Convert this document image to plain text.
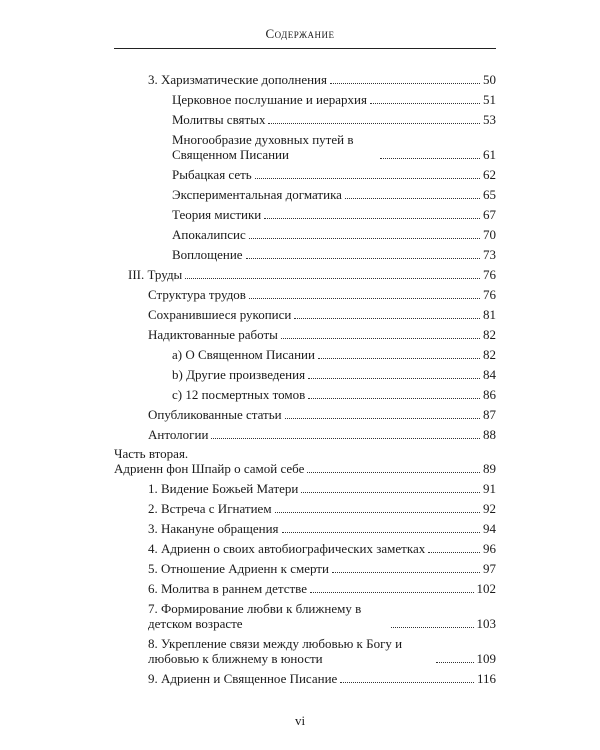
Содержание
3. Харизматические дополнения	50
Церковное послушание и иерархия	51
Молитвы святых	53
Многообразие духовных путей в Священном Писании	61
Рыбацкая сеть	62
Экспериментальная догматика	65
Теория мистики	67
Апокалипсис	70
Воплощение	73
III. Труды	76
Структура трудов	76
Сохранившиеся рукописи	81
Надиктованные работы	82
a) О Священном Писании	82
b) Другие произведения	84
c) 12 посмертных томов	86
Опубликованные статьи	87
Антологии	88
Часть вторая.
Адриенн фон Шпайр о самой себе	89
1. Видение Божьей Матери	91
2. Встреча с Игнатием	92
3. Накануне обращения	94
4. Адриенн о своих автобиографических заметках	96
5. Отношение Адриенн к смерти	97
6. Молитва в раннем детстве	102
7. Формирование любви к ближнему в детском возрасте	103
8. Укрепление связи между любовью к Богу и любовью к ближнему в юности	109
9. Адриенн и Священное Писание	116
vi
